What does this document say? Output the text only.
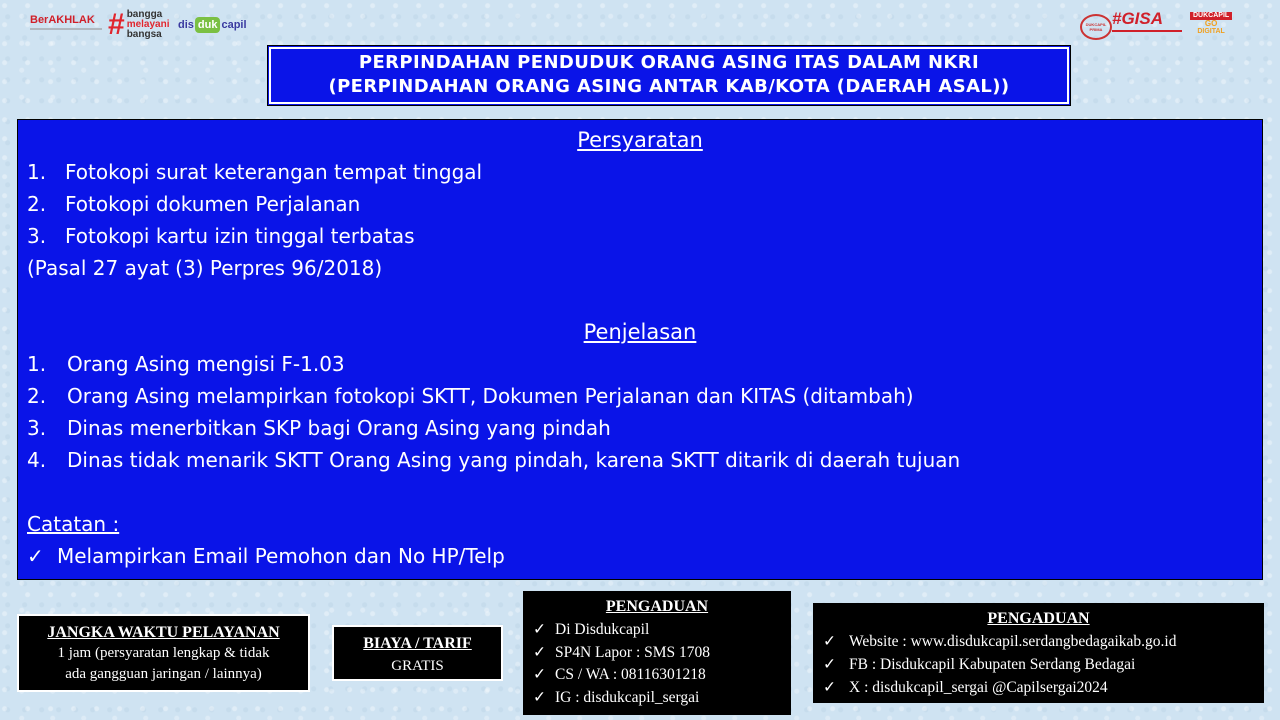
BerAKHLAK # bangga
melayani
bangsa
dis duk capil	DUKCAPIL PRIMA
#GISA	DUKCAPIL
GO
DIGITAL
PERPINDAHAN PENDUDUK ORANG ASING ITAS DALAM NKRI
(PERPINDAHAN ORANG ASING ANTAR KAB/KOTA (DAERAH ASAL))
Persyaratan
1. Fotokopi surat keterangan tempat tinggal
2. Fotokopi dokumen Perjalanan
3. Fotokopi kartu izin tinggal terbatas
(Pasal 27 ayat (3) Perpres 96/2018)
Penjelasan
1. Orang Asing mengisi F-1.03
2. Orang Asing melampirkan fotokopi SKTT, Dokumen Perjalanan dan KITAS (ditambah)
3. Dinas menerbitkan SKP bagi Orang Asing yang pindah
4. Dinas tidak menarik SKTT Orang Asing yang pindah, karena SKTT ditarik di daerah tujuan
Catatan :
✓ Melampirkan Email Pemohon dan No HP/Telp
JANGKA WAKTU PELAYANAN
1 jam (persyaratan lengkap & tidak
ada gangguan jaringan / lainnya)
BIAYA / TARIF
GRATIS
PENGADUAN
✓ Di Disdukcapil
✓ SP4N Lapor : SMS 1708
✓ CS / WA : 08116301218
✓ IG : disdukcapil_sergai
PENGADUAN
✓ Website : www.disdukcapil.serdangbedagaikab.go.id
✓ FB : Disdukcapil Kabupaten Serdang Bedagai
✓ X : disdukcapil_sergai @Capilsergai2024
